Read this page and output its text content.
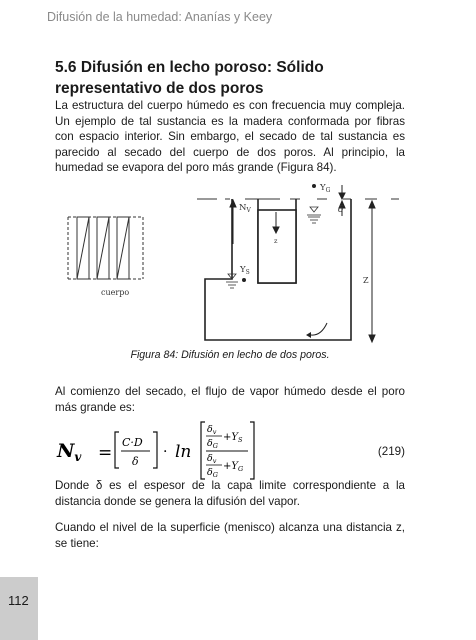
Difusión de la humedad: Ananías y Keey
5.6 Difusión en lecho poroso: Sólido representativo de dos poros
La estructura del cuerpo húmedo es con frecuencia muy compleja. Un ejemplo de tal sustancia es la madera conformada por fibras con espacio interior. Sin embargo, el secado de tal sustancia es parecido al secado del cuerpo de dos poros. Al principio, la humedad se evapora del poro más grande (Figura 84).
cuerpo
$N_V$
$Y_G$
δ
z
$Y_S$
Z
Figura 84: Difusión en lecho de dos poros.
Al comienzo del secado, el flujo de vapor húmedo desde el poro más grande es:
$N_v$ =
C·D
δ
· ln
$\delta_v$
$\delta_G$
$+Y_S$
$\delta_v$
$\delta_G$
$+Y_G$
(219)
Donde δ es el espesor de la capa limite correspondiente a la distancia donde se genera la difusión del vapor.
Cuando el nivel de la superficie (menisco) alcanza una distancia z, se tiene:
112
